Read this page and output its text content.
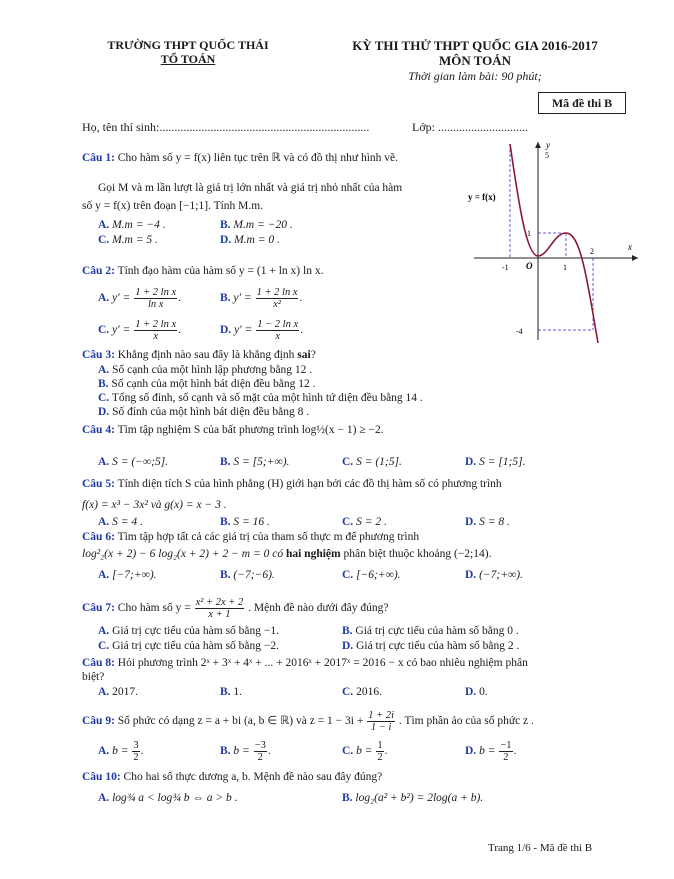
TRƯỜNG THPT QUỐC THÁI
TỔ TOÁN
KỲ THI THỬ THPT QUỐC GIA 2016-2017
MÔN TOÁN
Thời gian làm bài: 90 phút;
Mã đề thi B
Họ, tên thí sinh:......................................................................	Lớp: ..............................
y
5
y = f(x)
1
-1 O	1
2	x
-4
Câu 1: Cho hàm số y = f(x) liên tục trên ℝ và có đồ thị như hình vẽ.
Gọi M và m lần lượt là giá trị lớn nhất và giá trị nhỏ nhất của hàm
số y = f(x) trên đoạn [−1;1]. Tính M.m.
A. M.m = −4 .	B. M.m = −20 .
C. M.m = 5 .	D. M.m = 0 .
Câu 2: Tính đạo hàm của hàm số y = (1 + ln x) ln x.
A. $y' = \frac{\text{1 + 2 ln x}}{\text{ln x}}$ .	B. $y' = \frac{\text{1 + 2 ln x}}{\text{x²}}$ .
C. $y' = \frac{\text{1 + 2 ln x}}{x}$ .	D. $y' = \frac{\text{1 − 2 ln x}}{x}$ .
Câu 3: Khẳng định nào sau đây là khẳng định sai?
A. Số cạnh của một hình lập phương bằng 12 .
B. Số cạnh của một hình bát diện đều bằng 12 .
C. Tổng số đỉnh, số cạnh và số mặt của một hình tứ diện đều bằng 14 .
D. Số đỉnh của một hình bát diện đều bằng 8 .
Câu 4: Tìm tập nghiệm S của bất phương trình log½(x − 1) ≥ −2.
A. S = (−∞;5].	B. S = [5;+∞).	C. S = (1;5].	D. S = [1;5].
Câu 5: Tính diện tích S của hình phẳng (H) giới hạn bởi các đồ thị hàm số có phương trình
f(x) = x³ − 3x² và g(x) = x − 3 .
A. S = 4 .	B. S = 16 .	C. S = 2 .	D. S = 8 .
Câu 6: Tìm tập hợp tất cả các giá trị của tham số thực m để phương trình
log²₂(x + 2) − 6 log₂(x + 2) + 2 − m = 0 có hai nghiệm phân biệt thuộc khoảng (−2;14).
A. [−7;+∞).	B. (−7;−6).	C. [−6;+∞).	D. (−7;+∞).
Câu 7: Cho hàm số $y = \frac{\text{x² + 2x + 2}}{x + 1}$ . Mệnh đề nào dưới đây đúng?
A. Giá trị cực tiểu của hàm số bằng −1.	B. Giá trị cực tiểu của hàm số bằng 0 .
C. Giá trị cực tiểu của hàm số bằng −2.	D. Giá trị cực tiểu của hàm số bằng 2 .
Câu 8: Hỏi phương trình 2ˣ + 3ˣ + 4ˣ + ... + 2016ˣ + 2017ˣ = 2016 − x có bao nhiêu nghiệm phân
biệt?
A. 2017.	B. 1.	C. 2016.	D. 0.
Câu 9: Số phức có dạng z = a + bi (a, b ∈ ℝ) và $z = 1 - 3i + \frac{1 + 2i}{1 - i}$ . Tìm phần ảo của số phức z .
A. $b = \frac{3}{2}$ .	B. $b = \frac{-3}{2}$ .	C. $b = \frac{1}{2}$ .	D. $b = \frac{-1}{2}$ .
Câu 10: Cho hai số thực dương a, b. Mệnh đề nào sau đây đúng?
A. log¾ a < log¾ b ⇔ a > b .	B. log₂(a² + b²) = 2log(a + b).
Trang 1/6 - Mã đề thi B
